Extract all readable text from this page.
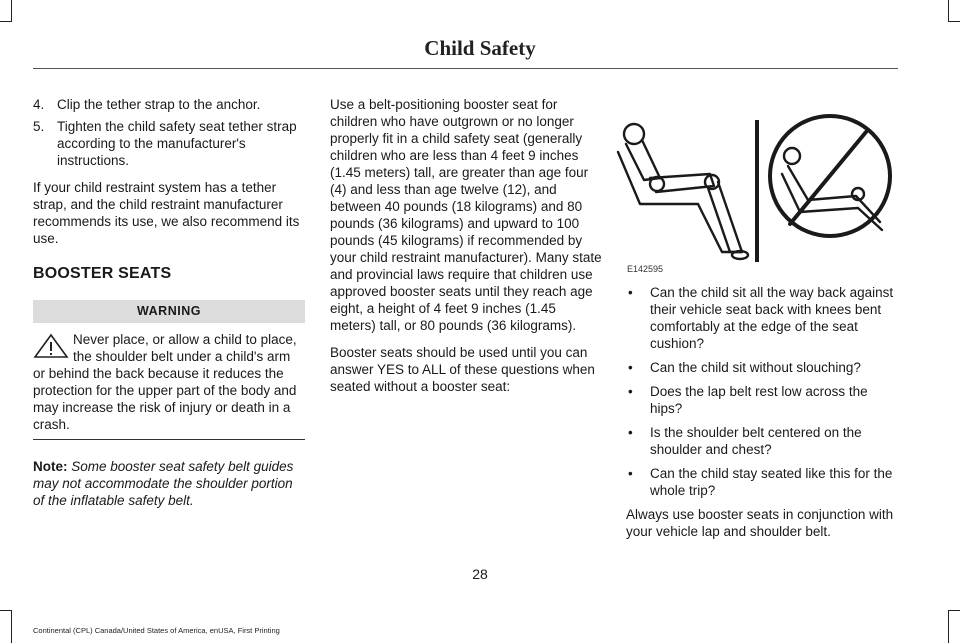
Child Safety
4. Clip the tether strap to the anchor.
5. Tighten the child safety seat tether strap according to the manufacturer's instructions.

If your child restraint system has a tether strap, and the child restraint manufacturer recommends its use, we also recommend its use.

BOOSTER SEATS
WARNING
Never place, or allow a child to place, the shoulder belt under a child's arm or behind the back because it reduces the protection for the upper part of the body and may increase the risk of injury or death in a crash.
Note: Some booster seat safety belt guides may not accommodate the shoulder portion of the inflatable safety belt.

Use a belt-positioning booster seat for children who have outgrown or no longer properly fit in a child safety seat (generally children who are less than 4 feet 9 inches (1.45 meters) tall, are greater than age four (4) and less than age twelve (12), and between 40 pounds (18 kilograms) and 80 pounds (36 kilograms) and upward to 100 pounds (45 kilograms) if recommended by your child restraint manufacturer). Many state and provincial laws require that children use approved booster seats until they reach age eight, a height of 4 feet 9 inches (1.45 meters) tall, or 80 pounds (36 kilograms).

Booster seats should be used until you can answer YES to ALL of these questions when seated without a booster seat:

E142595
•	Can the child sit all the way back against their vehicle seat back with knees bent comfortably at the edge of the seat cushion?
•	Can the child sit without slouching?
•	Does the lap belt rest low across the hips?
•	Is the shoulder belt centered on the shoulder and chest?
•	Can the child stay seated like this for the whole trip?

Always use booster seats in conjunction with your vehicle lap and shoulder belt.

28
Continental (CPL) Canada/United States of America, enUSA, First Printing
